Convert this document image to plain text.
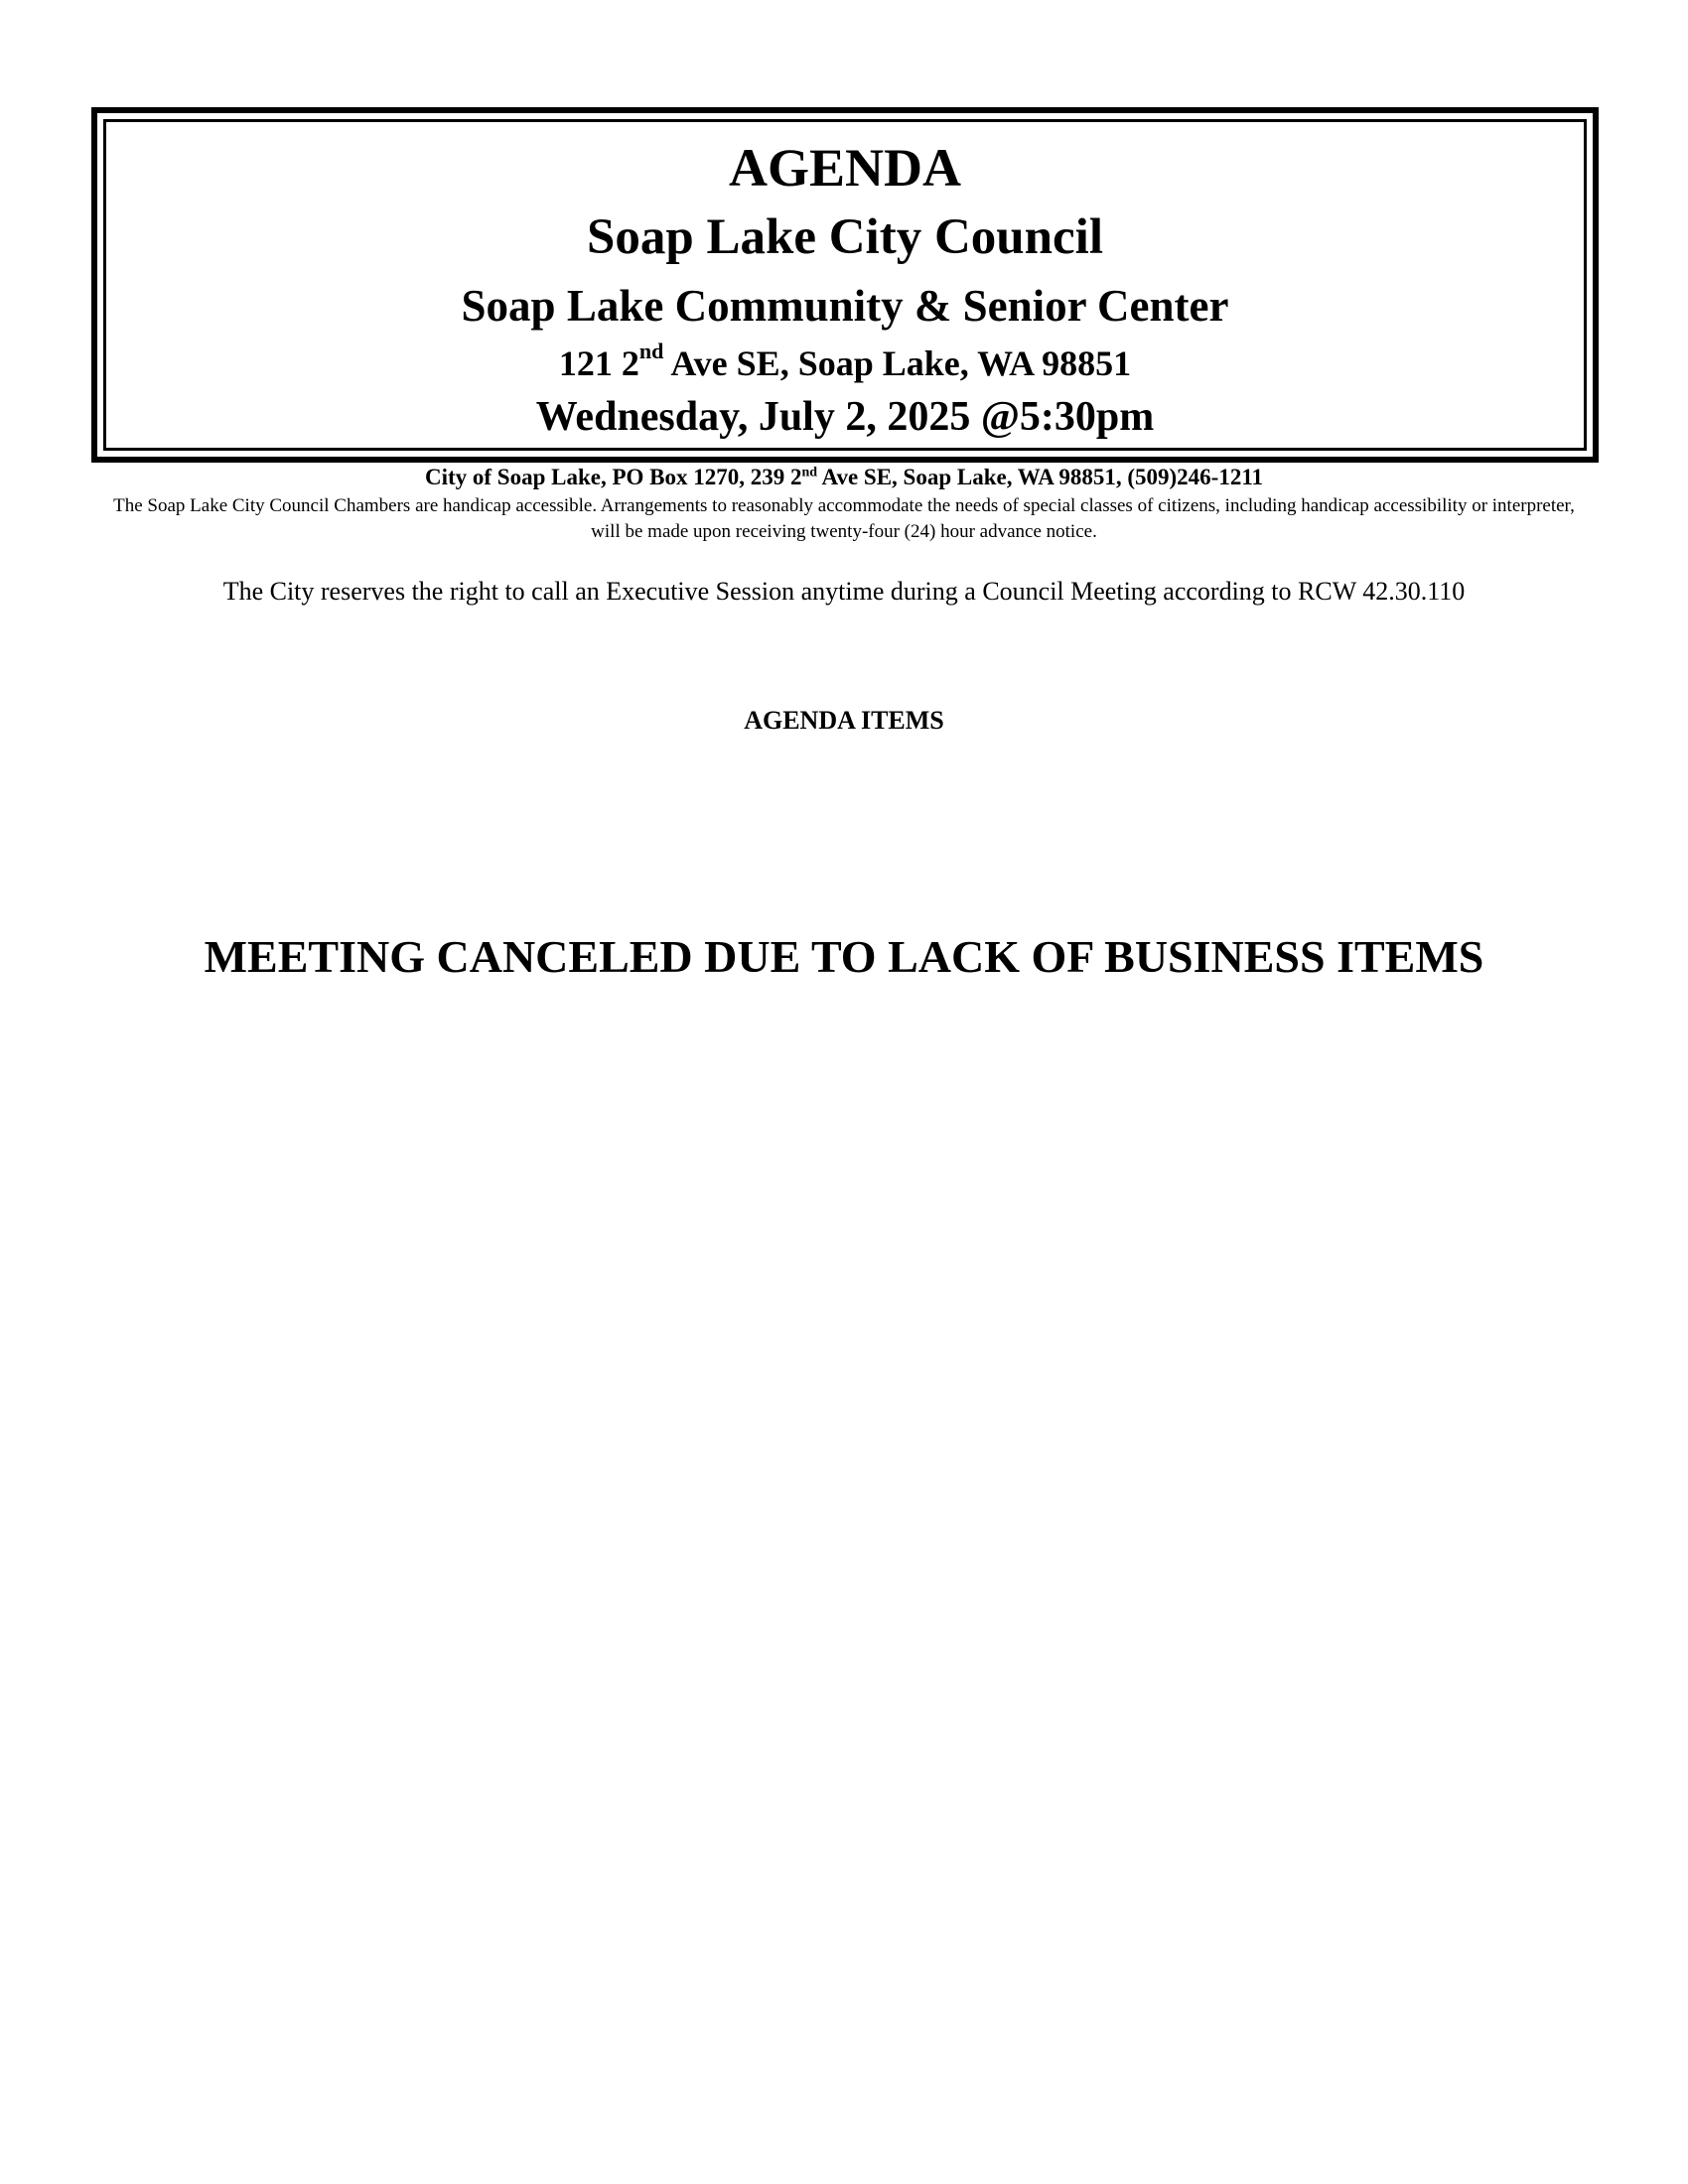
AGENDA
Soap Lake City Council
Soap Lake Community & Senior Center
121 2nd Ave SE, Soap Lake, WA 98851
Wednesday, July 2, 2025 @5:30pm
City of Soap Lake, PO Box 1270, 239 2nd Ave SE, Soap Lake, WA 98851, (509)246-1211
The Soap Lake City Council Chambers are handicap accessible. Arrangements to reasonably accommodate the needs of special classes of citizens, including handicap accessibility or interpreter, will be made upon receiving twenty-four (24) hour advance notice.
The City reserves the right to call an Executive Session anytime during a Council Meeting according to RCW 42.30.110
AGENDA ITEMS
MEETING CANCELED DUE TO LACK OF BUSINESS ITEMS
